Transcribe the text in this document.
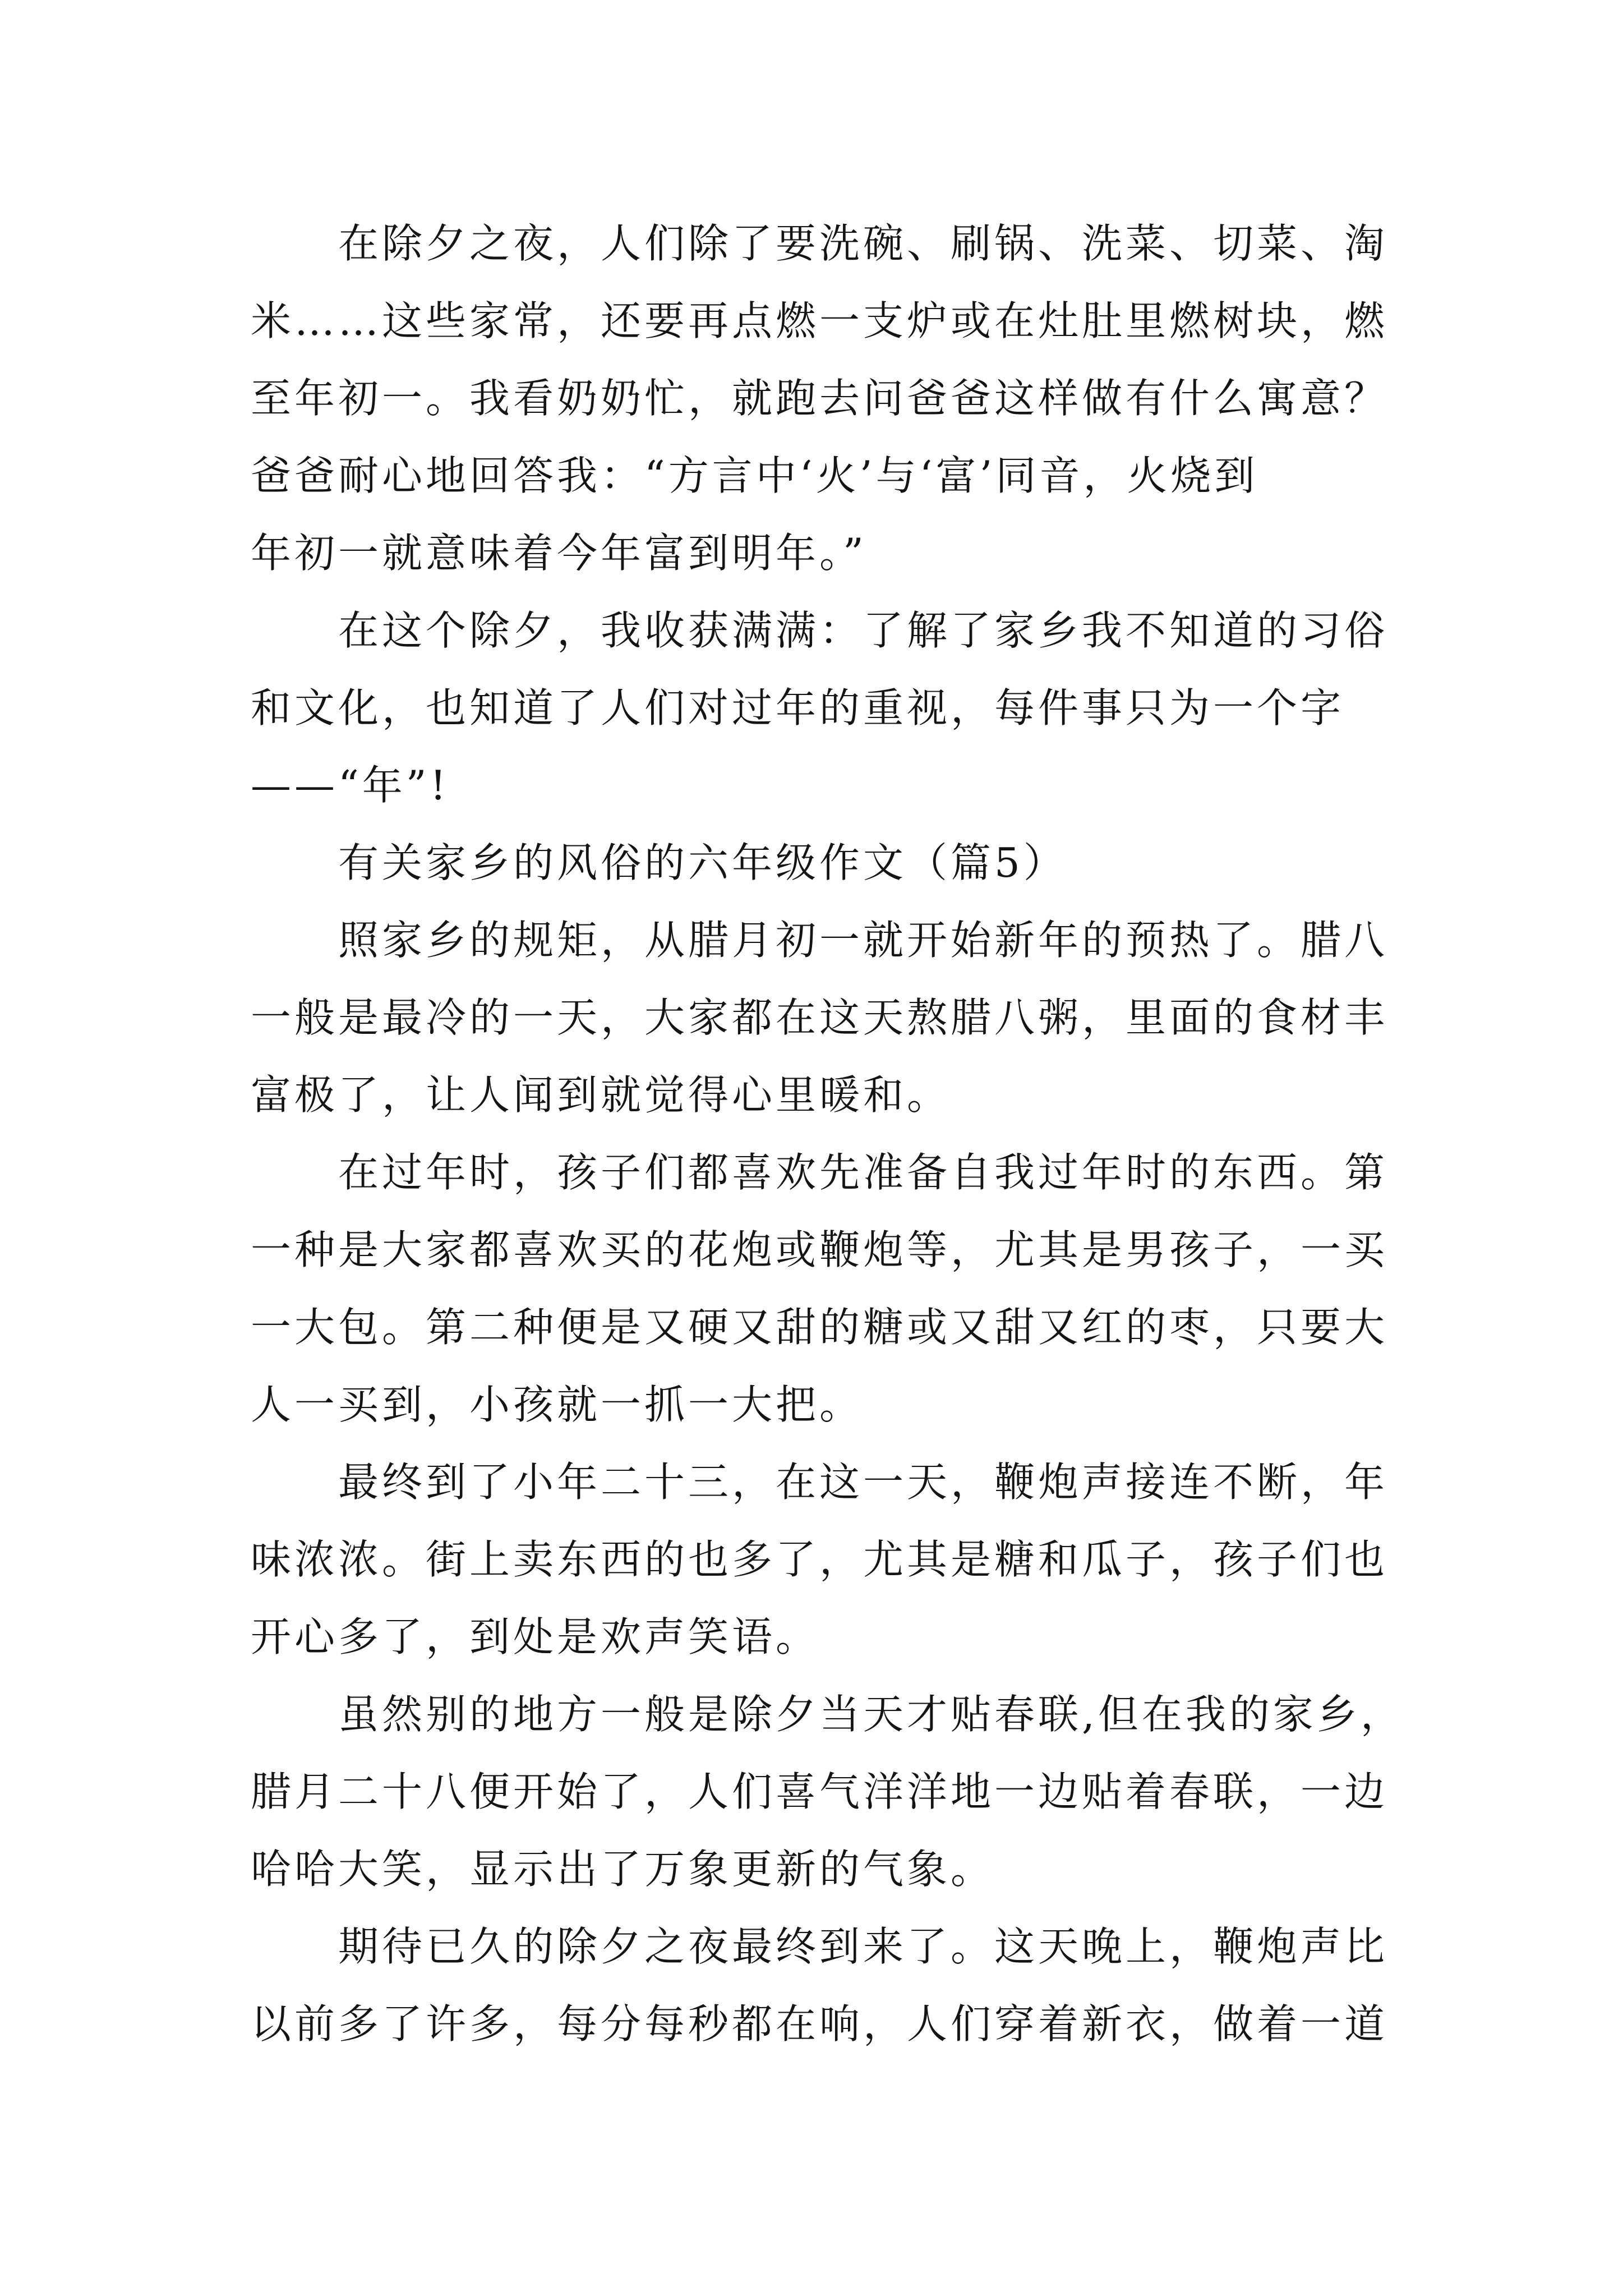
在除夕之夜，人们除了要洗碗、刷锅、洗菜、切菜、淘
米……这些家常，还要再点燃一支炉或在灶肚里燃树块，燃
至年初一。我看奶奶忙，就跑去问爸爸这样做有什么寓意？
爸爸耐心地回答我：“方言中‘火’与‘富’同音，火烧到
年初一就意味着今年富到明年。”
在这个除夕，我收获满满：了解了家乡我不知道的习俗
和文化，也知道了人们对过年的重视，每件事只为一个字
——“年”!
有关家乡的风俗的六年级作文（篇5）
照家乡的规矩，从腊月初一就开始新年的预热了。腊八
一般是最冷的一天，大家都在这天熬腊八粥，里面的食材丰
富极了，让人闻到就觉得心里暖和。
在过年时，孩子们都喜欢先准备自我过年时的东西。第
一种是大家都喜欢买的花炮或鞭炮等，尤其是男孩子，一买
一大包。第二种便是又硬又甜的糖或又甜又红的枣，只要大
人一买到，小孩就一抓一大把。
最终到了小年二十三，在这一天，鞭炮声接连不断，年
味浓浓。街上卖东西的也多了，尤其是糖和瓜子，孩子们也
开心多了，到处是欢声笑语。
虽然别的地方一般是除夕当天才贴春联,但在我的家乡，
腊月二十八便开始了，人们喜气洋洋地一边贴着春联，一边
哈哈大笑，显示出了万象更新的气象。
期待已久的除夕之夜最终到来了。这天晚上，鞭炮声比
以前多了许多，每分每秒都在响，人们穿着新衣，做着一道
